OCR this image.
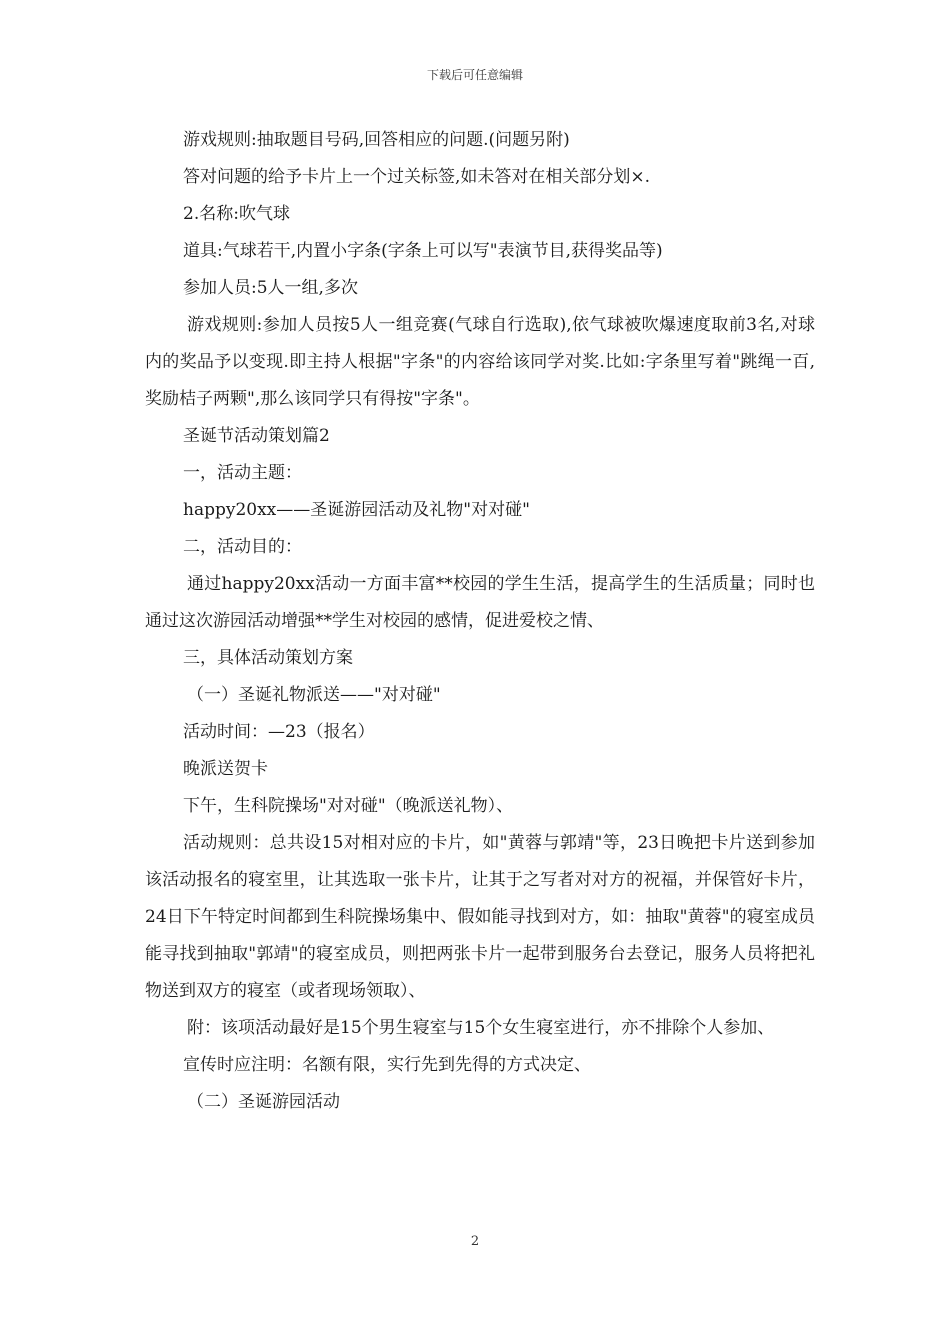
下载后可任意编辑

游戏规则:抽取题目号码,回答相应的问题.(问题另附)

答对问题的给予卡片上一个过关标签,如未答对在相关部分划×.

2.名称:吹气球

道具:气球若干,内置小字条(字条上可以写"表演节目,获得奖品等)

参加人员:5人一组,多次

游戏规则:参加人员按5人一组竞赛(气球自行选取),依气球被吹爆速度取前3名,对球内的奖品予以变现.即主持人根据"字条"的内容给该同学对奖.比如:字条里写着"跳绳一百,奖励桔子两颗",那么该同学只有得按"字条"。

圣诞节活动策划篇2

一，活动主题：

happy20xx——圣诞游园活动及礼物"对对碰"

二，活动目的：

通过happy20xx活动一方面丰富**校园的学生生活，提高学生的生活质量；同时也通过这次游园活动增强**学生对校园的感情，促进爱校之情、

三，具体活动策划方案

（一）圣诞礼物派送——"对对碰"

活动时间：—23（报名）

晚派送贺卡

下午，生科院操场"对对碰"（晚派送礼物）、

活动规则：总共设15对相对应的卡片，如"黄蓉与郭靖"等，23日晚把卡片送到参加该活动报名的寝室里，让其选取一张卡片，让其于之写者对对方的祝福，并保管好卡片，24日下午特定时间都到生科院操场集中、假如能寻找到对方，如：抽取"黄蓉"的寝室成员能寻找到抽取"郭靖"的寝室成员，则把两张卡片一起带到服务台去登记，服务人员将把礼物送到双方的寝室（或者现场领取）、

附：该项活动最好是15个男生寝室与15个女生寝室进行，亦不排除个人参加、

宣传时应注明：名额有限，实行先到先得的方式决定、

（二）圣诞游园活动

2
